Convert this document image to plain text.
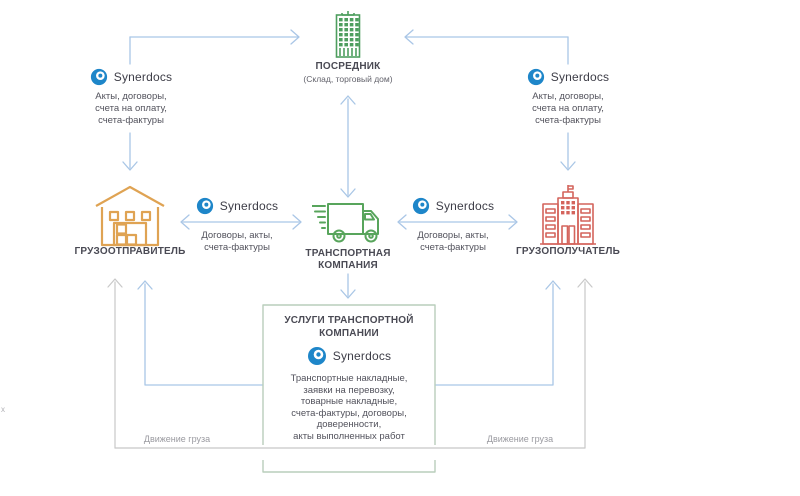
ПОСРЕДНИК
(Склад, торговый дом)
Synerdocs
Акты, договоры,
счета на оплату,
счета-фактуры
Synerdocs
Акты, договоры,
счета на оплату,
счета-фактуры
ГРУЗООТПРАВИТЕЛЬ
Synerdocs
Договоры, акты,
счета-фактуры
ТРАНСПОРТНАЯ
КОМПАНИЯ
Synerdocs
Договоры, акты,
счета-фактуры	ГРУЗОПОЛУЧАТЕЛЬ
УСЛУГИ ТРАНСПОРТНОЙ
КОМПАНИИ
Synerdocs
Транспортные накладные,
заявки на перевозку,
товарные накладные,
счета-фактуры, договоры,
доверенности,
акты выполненных работ
Движение груза	Движение груза
x
